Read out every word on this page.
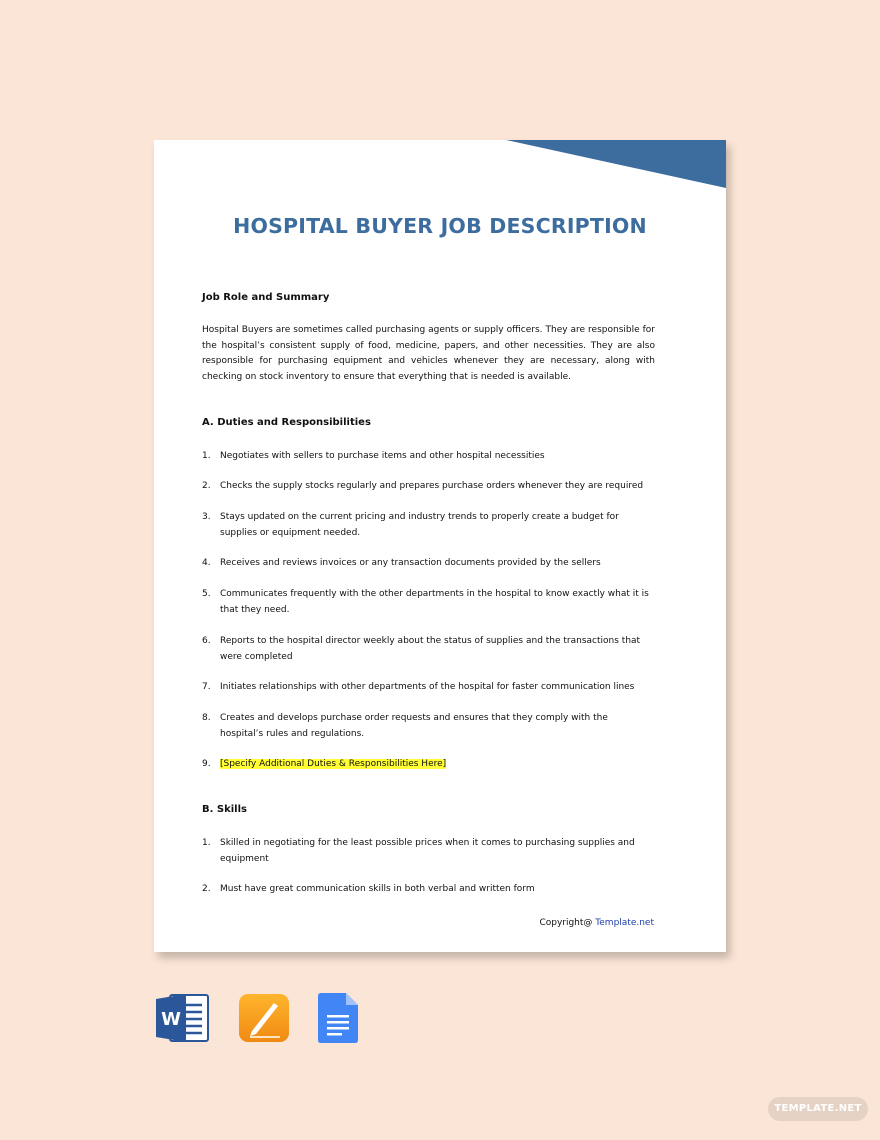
HOSPITAL BUYER JOB DESCRIPTION
Job Role and Summary
Hospital Buyers are sometimes called purchasing agents or supply officers. They are responsible for the hospital’s consistent supply of food, medicine, papers, and other necessities. They are also responsible for purchasing equipment and vehicles whenever they are necessary, along with checking on stock inventory to ensure that everything that is needed is available.
A. Duties and Responsibilities
1. Negotiates with sellers to purchase items and other hospital necessities
2. Checks the supply stocks regularly and prepares purchase orders whenever they are required
3. Stays updated on the current pricing and industry trends to properly create a budget for supplies or equipment needed.
4. Receives and reviews invoices or any transaction documents provided by the sellers
5. Communicates frequently with the other departments in the hospital to know exactly what it is that they need.
6. Reports to the hospital director weekly about the status of supplies and the transactions that were completed
7. Initiates relationships with other departments of the hospital for faster communication lines
8. Creates and develops purchase order requests and ensures that they comply with the hospital’s rules and regulations.
9. [Specify Additional Duties & Responsibilities Here]
B. Skills
1. Skilled in negotiating for the least possible prices when it comes to purchasing supplies and equipment
2. Must have great communication skills in both verbal and written form
Copyright@ Template.net
W
TEMPLATE.NET
